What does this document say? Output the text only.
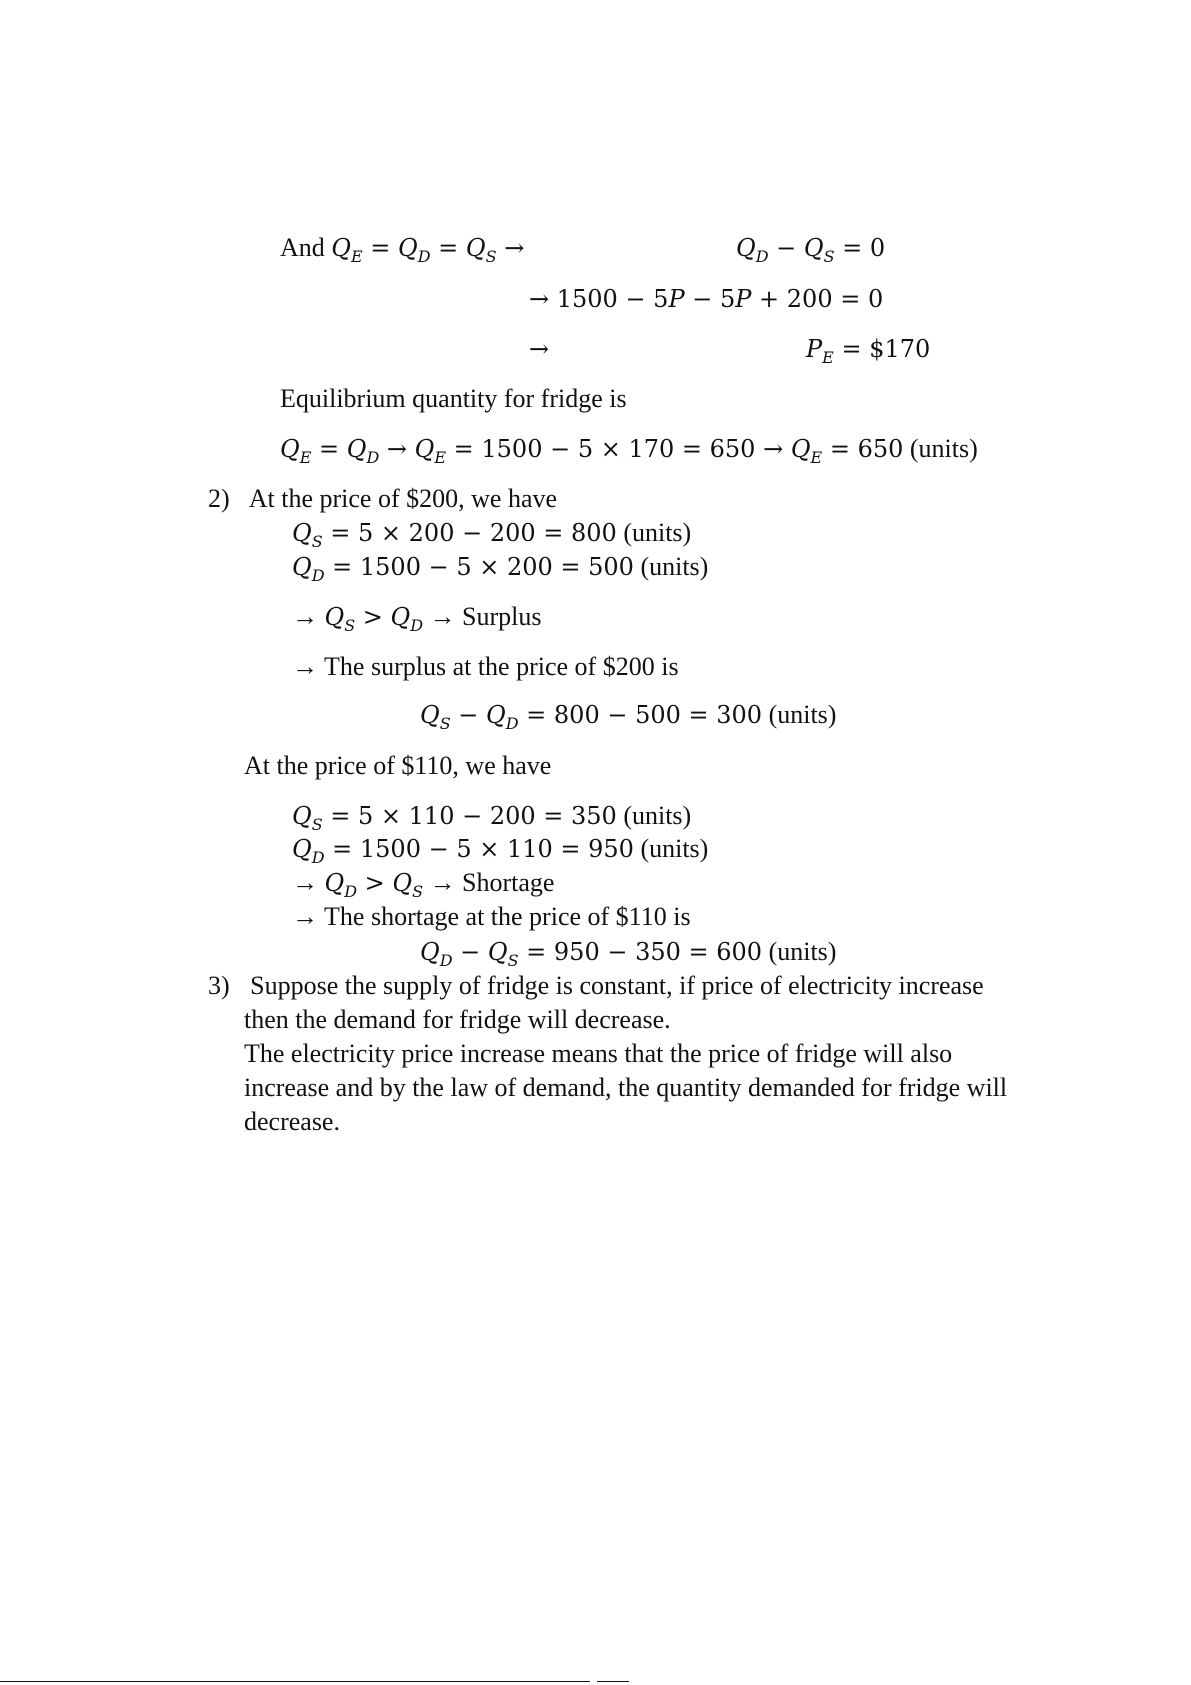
And $Q_E = Q_D = Q_S$ →	$Q_D - Q_S = 0$
→ 1500 − 5P − 5P + 200 = 0
→	$P_E$ = $170
Equilibrium quantity for fridge is
$Q_E = Q_D \to Q_E = 1500 - 5 \times 170 = 650 \to Q_E = 650$ (units)
2) At the price of $200, we have
$Q_S = 5 \times 200 - 200 = 800$ (units)
$Q_D = 1500 - 5 \times 200 = 500$ (units)
→ $Q_S > Q_D$ → Surplus
→ The surplus at the price of $200 is
$Q_S - Q_D = 800 - 500 = 300$ (units)
At the price of $110, we have
$Q_S = 5 \times 110 - 200 = 350$ (units)
$Q_D = 1500 - 5 \times 110 = 950$ (units)
→ $Q_D > Q_S$ → Shortage
→ The shortage at the price of $110 is
$Q_D - Q_S = 950 - 350 = 600$ (units)
3) Suppose the supply of fridge is constant, if price of electricity increase
then the demand for fridge will decrease.
The electricity price increase means that the price of fridge will also
increase and by the law of demand, the quantity demanded for fridge will
decrease.
